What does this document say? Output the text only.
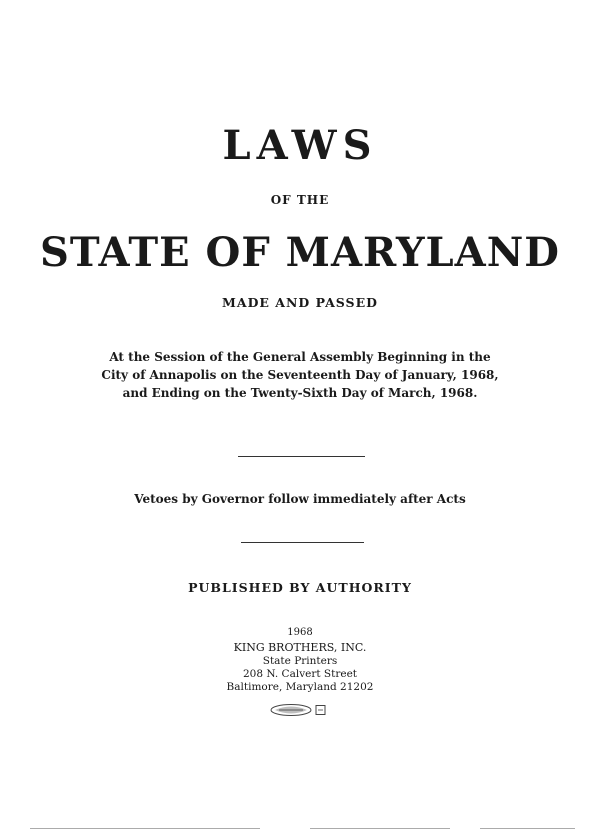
LAWS
OF THE
STATE OF MARYLAND
MADE AND PASSED
At the Session of the General Assembly Beginning in the
City of Annapolis on the Seventeenth Day of January, 1968,
and Ending on the Twenty-Sixth Day of March, 1968.
Vetoes by Governor follow immediately after Acts
PUBLISHED BY AUTHORITY
1968
KING BROTHERS, INC.
State Printers
208 N. Calvert Street
Baltimore, Maryland 21202
